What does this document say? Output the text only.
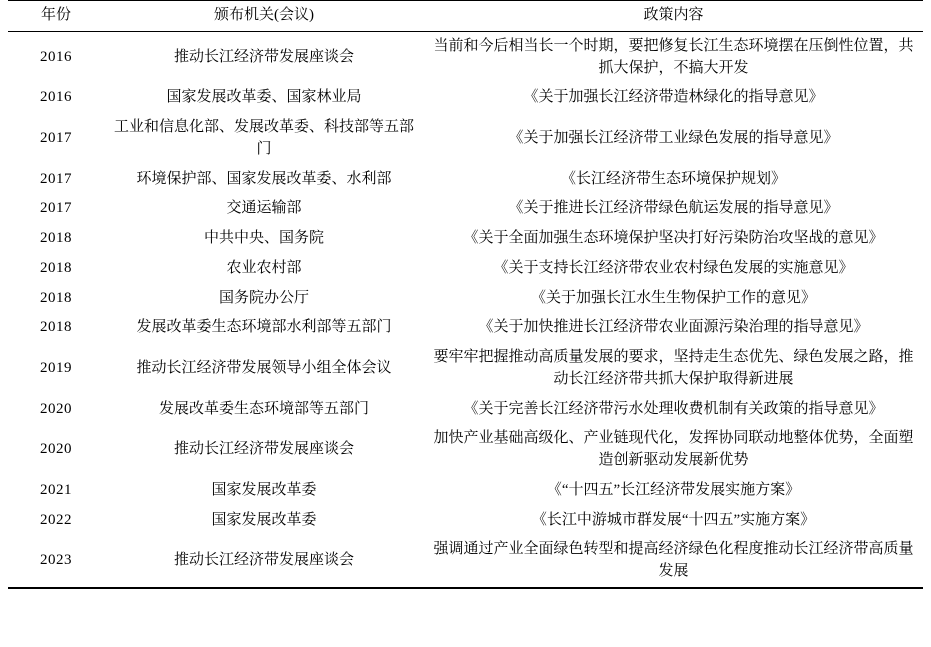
年份	颁布机关(会议)	政策内容
2016	推动长江经济带发展座谈会	当前和今后相当长一个时期，要把修复长江生态环境摆在压倒性位置，共抓大保护，不搞大开发
2016	国家发展改革委、国家林业局	《关于加强长江经济带造林绿化的指导意见》
2017	工业和信息化部、发展改革委、科技部等五部门	《关于加强长江经济带工业绿色发展的指导意见》
2017	环境保护部、国家发展改革委、水利部	《长江经济带生态环境保护规划》
2017	交通运输部	《关于推进长江经济带绿色航运发展的指导意见》
2018	中共中央、国务院	《关于全面加强生态环境保护坚决打好污染防治攻坚战的意见》
2018	农业农村部	《关于支持长江经济带农业农村绿色发展的实施意见》
2018	国务院办公厅	《关于加强长江水生生物保护工作的意见》
2018	发展改革委生态环境部水利部等五部门	《关于加快推进长江经济带农业面源污染治理的指导意见》
2019	推动长江经济带发展领导小组全体会议	要牢牢把握推动高质量发展的要求，坚持走生态优先、绿色发展之路，推动长江经济带共抓大保护取得新进展
2020	发展改革委生态环境部等五部门	《关于完善长江经济带污水处理收费机制有关政策的指导意见》
2020	推动长江经济带发展座谈会	加快产业基础高级化、产业链现代化，发挥协同联动地整体优势，全面塑造创新驱动发展新优势
2021	国家发展改革委	《“十四五”长江经济带发展实施方案》
2022	国家发展改革委	《长江中游城市群发展“十四五”实施方案》
2023	推动长江经济带发展座谈会	强调通过产业全面绿色转型和提高经济绿色化程度推动长江经济带高质量发展
